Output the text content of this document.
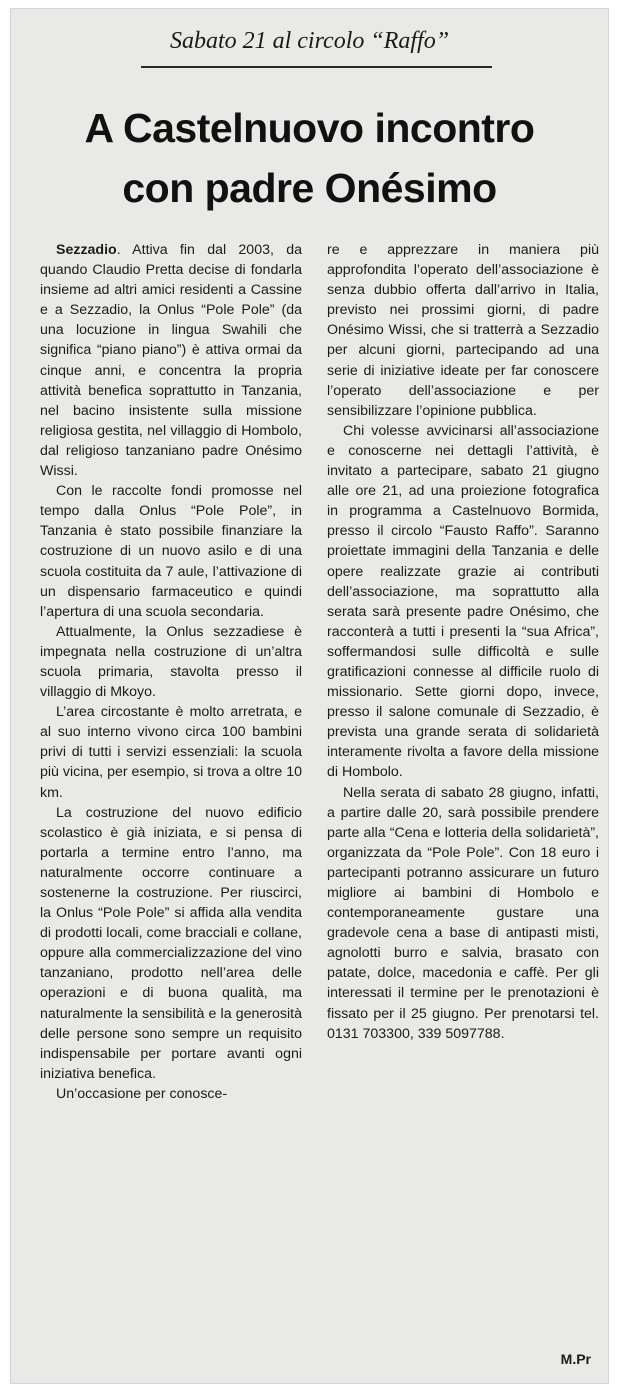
Sabato 21 al circolo “Raffo”
A Castelnuovo incontro
con padre Onésimo

Sezzadio. Attiva fin dal 2003, da quando Claudio Pretta decise di fondarla insieme ad altri amici residenti a Cassine e a Sezzadio, la Onlus “Pole Pole” (da una locuzione in lingua Swahili che significa “piano piano”) è attiva ormai da cinque anni, e concentra la propria attività benefica soprattutto in Tanzania, nel bacino insistente sulla missione religiosa gestita, nel villaggio di Hombolo, dal religioso tanzaniano padre Onésimo Wissi.

Con le raccolte fondi promosse nel tempo dalla Onlus “Pole Pole”, in Tanzania è stato possibile finanziare la costruzione di un nuovo asilo e di una scuola costituita da 7 aule, l’attivazione di un dispensario farmaceutico e quindi l’apertura di una scuola secondaria.

Attualmente, la Onlus sezzadiese è impegnata nella costruzione di un’altra scuola primaria, stavolta presso il villaggio di Mkoyo.

L’area circostante è molto arretrata, e al suo interno vivono circa 100 bambini privi di tutti i servizi essenziali: la scuola più vicina, per esempio, si trova a oltre 10 km.

La costruzione del nuovo edificio scolastico è già iniziata, e si pensa di portarla a termine entro l’anno, ma naturalmente occorre continuare a sostenerne la costruzione. Per riuscirci, la Onlus “Pole Pole” si affida alla vendita di prodotti locali, come bracciali e collane, oppure alla commercializzazione del vino tanzaniano, prodotto nell’area delle operazioni e di buona qualità, ma naturalmente la sensibilità e la generosità delle persone sono sempre un requisito indispensabile per portare avanti ogni iniziativa benefica.

Un’occasione per conosce-

re e apprezzare in maniera più approfondita l’operato dell’associazione è senza dubbio offerta dall’arrivo in Italia, previsto nei prossimi giorni, di padre Onésimo Wissi, che si tratterrà a Sezzadio per alcuni giorni, partecipando ad una serie di iniziative ideate per far conoscere l’operato dell’associazione e per sensibilizzare l’opinione pubblica.

Chi volesse avvicinarsi all’associazione e conoscerne nei dettagli l’attività, è invitato a partecipare, sabato 21 giugno alle ore 21, ad una proiezione fotografica in programma a Castelnuovo Bormida, presso il circolo “Fausto Raffo”. Saranno proiettate immagini della Tanzania e delle opere realizzate grazie ai contributi dell’associazione, ma soprattutto alla serata sarà presente padre Onésimo, che racconterà a tutti i presenti la “sua Africa”, soffermandosi sulle difficoltà e sulle gratificazioni connesse al difficile ruolo di missionario. Sette giorni dopo, invece, presso il salone comunale di Sezzadio, è prevista una grande serata di solidarietà interamente rivolta a favore della missione di Hombolo.

Nella serata di sabato 28 giugno, infatti, a partire dalle 20, sarà possibile prendere parte alla “Cena e lotteria della solidarietà”, organizzata da “Pole Pole”. Con 18 euro i partecipanti potranno assicurare un futuro migliore ai bambini di Hombolo e contemporaneamente gustare una gradevole cena a base di antipasti misti, agnolotti burro e salvia, brasato con patate, dolce, macedonia e caffè. Per gli interessati il termine per le prenotazioni è fissato per il 25 giugno. Per prenotarsi tel. 0131 703300, 339 5097788.

M.Pr
